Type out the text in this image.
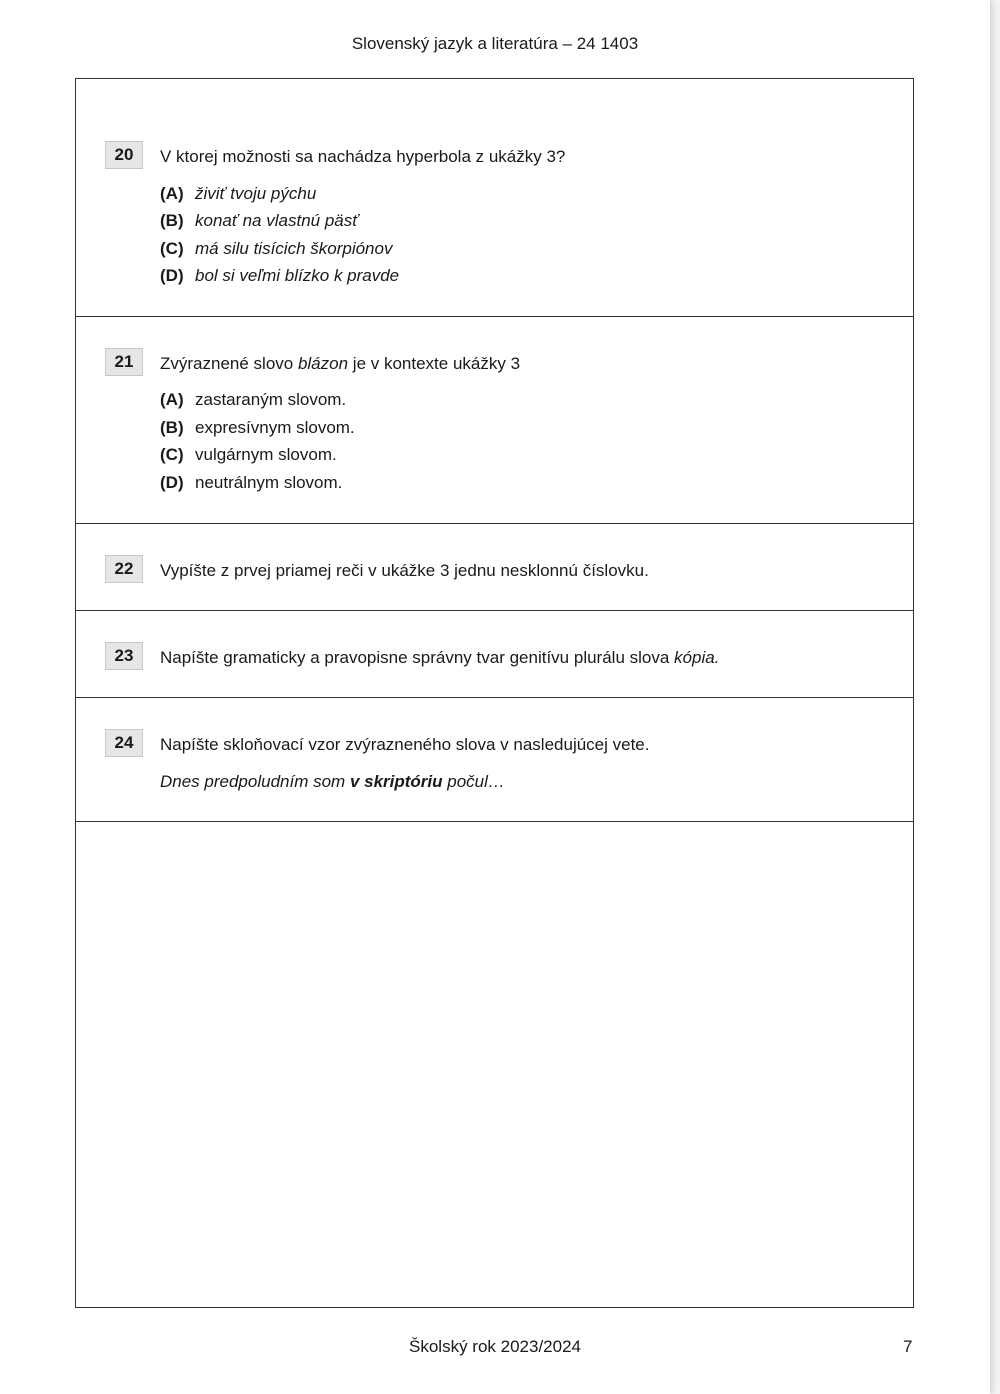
Slovenský jazyk a literatúra – 24 1403
20	V ktorej možnosti sa nachádza hyperbola z ukážky 3?
(A) živiť tvoju pýchu
(B) konať na vlastnú päsť
(C) má silu tisícich škorpiónov
(D) bol si veľmi blízko k pravde
21	Zvýraznené slovo blázon je v kontexte ukážky 3
(A) zastaraným slovom.
(B) expresívnym slovom.
(C) vulgárnym slovom.
(D) neutrálnym slovom.
22	Vypíšte z prvej priamej reči v ukážke 3 jednu nesklonnú číslovku.
23	Napíšte gramaticky a pravopisne správny tvar genitívu plurálu slova kópia.
24	Napíšte skloňovací vzor zvýrazneného slova v nasledujúcej vete.
Dnes predpoludním som v skriptóriu počul…
Školský rok 2023/2024	7
